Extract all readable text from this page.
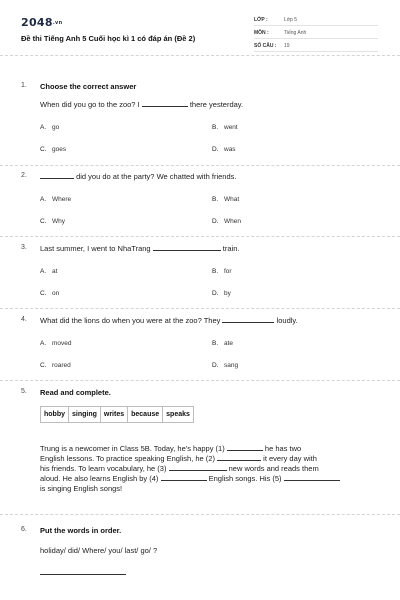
2048.vn
Đề thi Tiếng Anh 5 Cuối học kì 1 có đáp án (Đề 2)
LỚP :	Lớp 5
MÔN :	Tiếng Anh
SỐ CÂU : 19
1. Choose the correct answer
When did you go to the zoo? I	there yesterday.
A. go	B. went
C. goes	D. was
2.	did you do at the party? We chatted with friends.
A. Where	B. What
C. Why	D. When
3. Last summer, I went to NhaTrang	train.
A. at	B. for
C. on	D. by
4. What did the lions do when you were at the zoo? They	loudly.
A. moved	B. ate
C. roared	D. sang
5. Read and complete.
hobby	singing	writes	because	speaks
Trung is a newcomer in Class 5B. Today, he's happy (1)	he has two
English lessons. To practice speaking English, he (2)	it every day with
his friends. To learn vocabulary, he (3)	new words and reads them
aloud. He also learns English by (4)	English songs. His (5)
is singing English songs!
6. Put the words in order.
holiday/ did/ Where/ you/ last/ go/ ?
